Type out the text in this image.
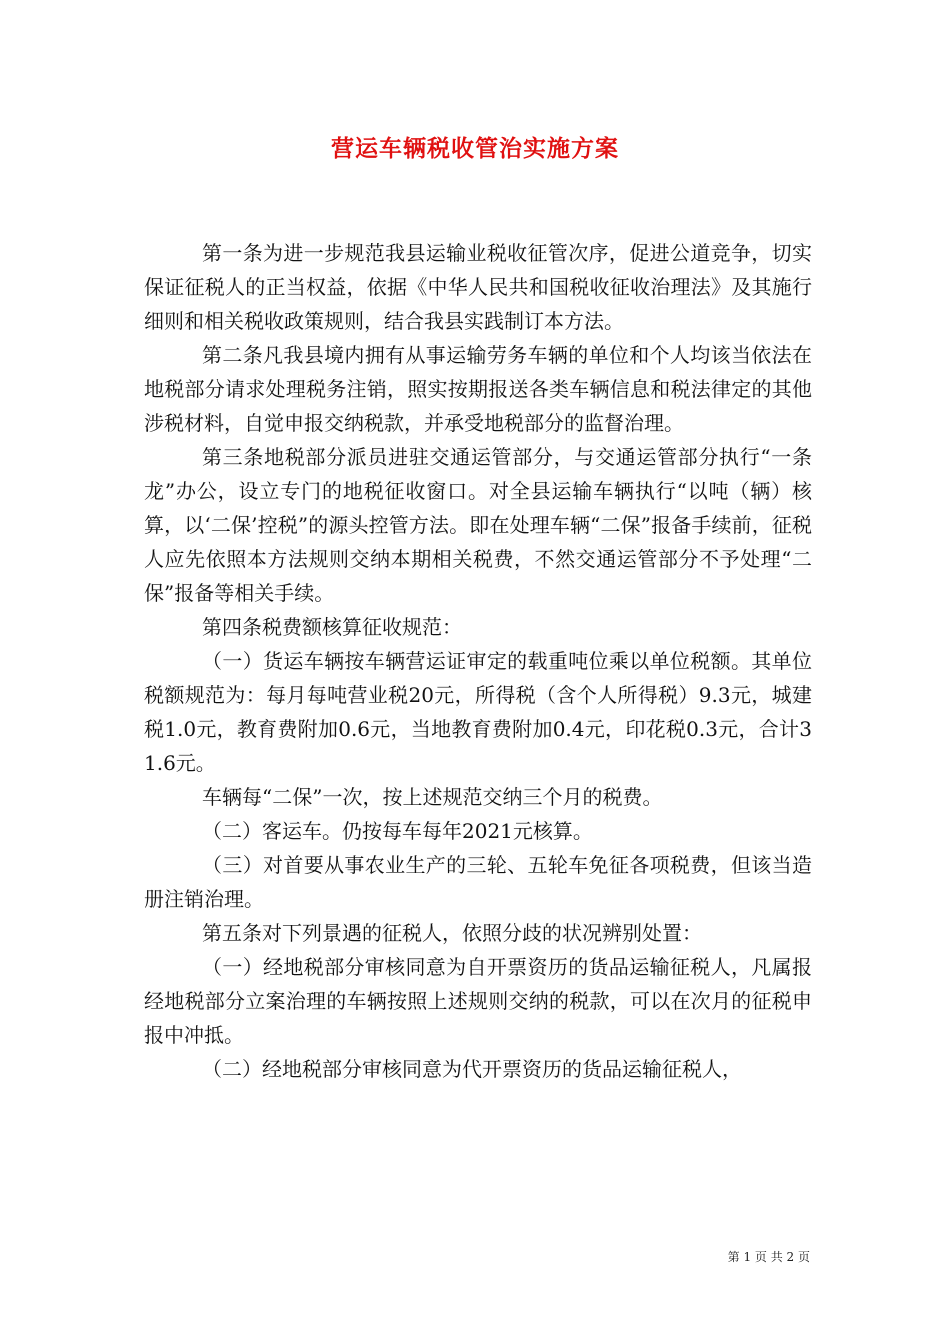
营运车辆税收管治实施方案

第一条为进一步规范我县运输业税收征管次序，促进公道竞争，切实保证征税人的正当权益，依据《中华人民共和国税收征收治理法》及其施行细则和相关税收政策规则，结合我县实践制订本方法。

第二条凡我县境内拥有从事运输劳务车辆的单位和个人均该当依法在地税部分请求处理税务注销，照实按期报送各类车辆信息和税法律定的其他涉税材料，自觉申报交纳税款，并承受地税部分的监督治理。

第三条地税部分派员进驻交通运管部分，与交通运管部分执行“一条龙”办公，设立专门的地税征收窗口。对全县运输车辆执行“以吨（辆）核算，以‘二保’控税”的源头控管方法。即在处理车辆“二保”报备手续前，征税人应先依照本方法规则交纳本期相关税费，不然交通运管部分不予处理“二保”报备等相关手续。

第四条税费额核算征收规范：

（一）货运车辆按车辆营运证审定的载重吨位乘以单位税额。其单位税额规范为：每月每吨营业税20元，所得税（含个人所得税）9.3元，城建税1.0元，教育费附加0.6元，当地教育费附加0.4元，印花税0.3元，合计31.6元。

车辆每“二保”一次，按上述规范交纳三个月的税费。

（二）客运车。仍按每车每年2021元核算。

（三）对首要从事农业生产的三轮、五轮车免征各项税费，但该当造册注销治理。

第五条对下列景遇的征税人，依照分歧的状况辨别处置：

（一）经地税部分审核同意为自开票资历的货品运输征税人，凡属报经地税部分立案治理的车辆按照上述规则交纳的税款，可以在次月的征税申报中冲抵。

（二）经地税部分审核同意为代开票资历的货品运输征税人，

第 1 页 共 2 页
